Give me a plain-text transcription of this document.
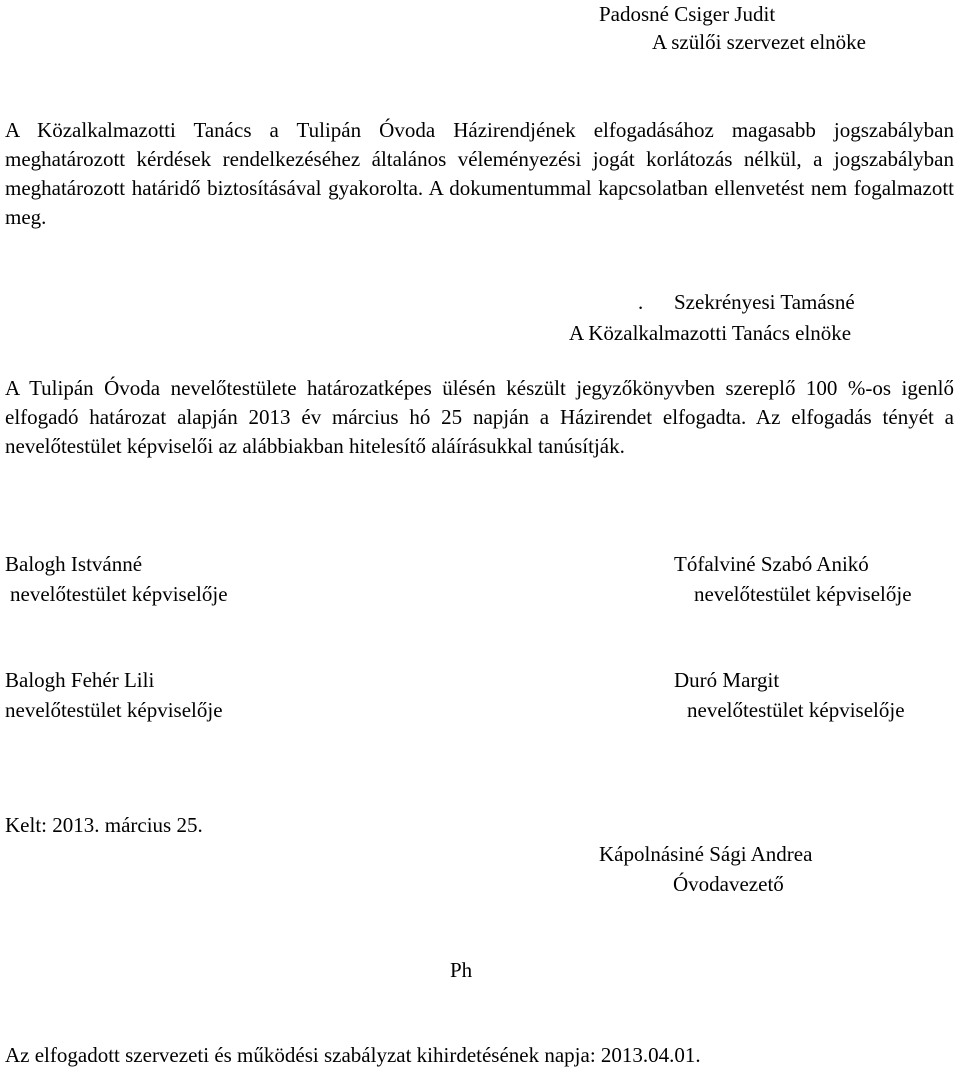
Padosné Csiger Judit
A szülői szervezet elnöke
A Közalkalmazotti Tanács a Tulipán Óvoda Házirendjének elfogadásához magasabb jogszabályban meghatározott kérdések rendelkezéséhez általános véleményezési jogát korlátozás nélkül, a jogszabályban meghatározott határidő biztosításával gyakorolta. A dokumentummal kapcsolatban ellenvetést nem fogalmazott meg.
. Szekrényesi Tamásné
A Közalkalmazotti Tanács elnöke
A Tulipán Óvoda nevelőtestülete határozatképes ülésén készült jegyzőkönyvben szereplő 100 %-os igenlő elfogadó határozat alapján 2013 év március hó 25 napján a Házirendet elfogadta. Az elfogadás tényét a nevelőtestület képviselői az alábbiakban hitelesítő aláírásukkal tanúsítják.
Balogh Istvánné
nevelőtestület képviselője
Tófalviné Szabó Anikó
nevelőtestület képviselője
Balogh Fehér Lili
nevelőtestület képviselője
Duró Margit
nevelőtestület képviselője
Kelt: 2013. március 25.
Kápolnásiné Sági Andrea
Óvodavezető
Ph
Az elfogadott szervezeti és működési szabályzat kihirdetésének napja: 2013.04.01.
